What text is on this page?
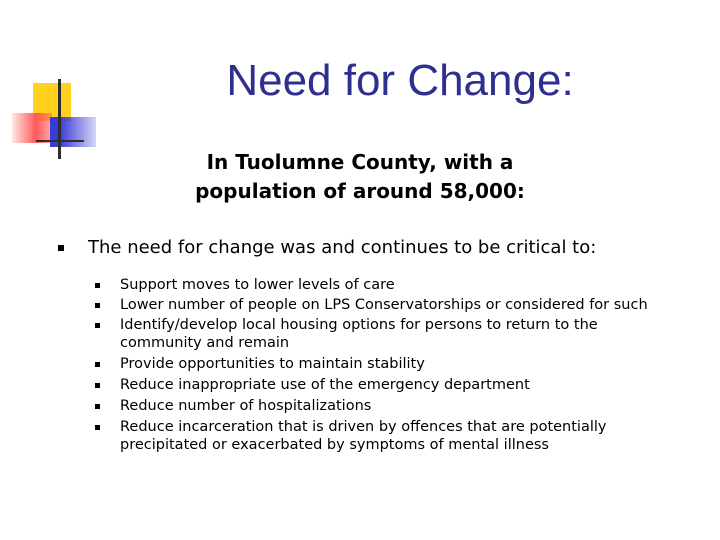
Need for Change:
In Tuolumne County, with a
population of around 58,000:
The need for change was and continues to be critical to:
Support moves to lower levels of care
Lower number of people on LPS Conservatorships or considered for such
Identify/develop local housing options for persons to return to the community and remain
Provide opportunities to maintain stability
Reduce inappropriate use of the emergency department
Reduce number of hospitalizations
Reduce incarceration that is driven by offences that are potentially precipitated or exacerbated by symptoms of mental illness
